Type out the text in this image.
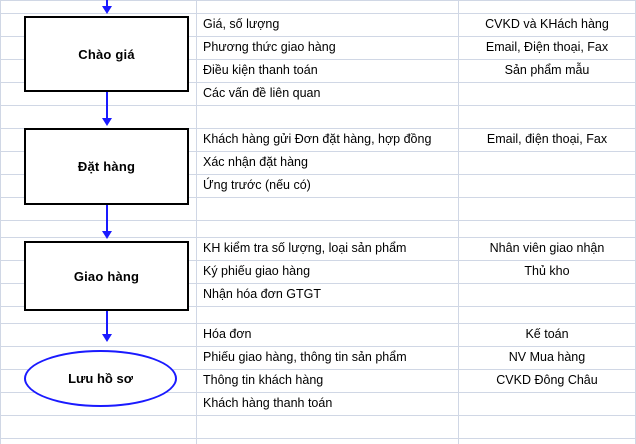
Chào giá
Đặt hàng
Giao hàng
Lưu hồ sơ
Giá, số lượng
Phương thức giao hàng
Điều kiện thanh toán
Các vấn đề liên quan
CVKD và KHách hàng
Email, Điện thoại, Fax
Sản phẩm mẫu
Khách hàng gửi Đơn đặt hàng, hợp đồng
Xác nhận đặt hàng
Ứng trước (nếu có)
Email, điện thoại, Fax
KH kiểm tra số lượng, loại sản phẩm
Ký phiếu giao hàng
Nhận hóa đơn GTGT
Nhân viên giao nhận
Thủ kho
Hóa đơn
Phiếu giao hàng, thông tin sản phẩm
Thông tin khách hàng
Khách hàng thanh toán
Kế toán
NV Mua hàng
CVKD Đông Châu
